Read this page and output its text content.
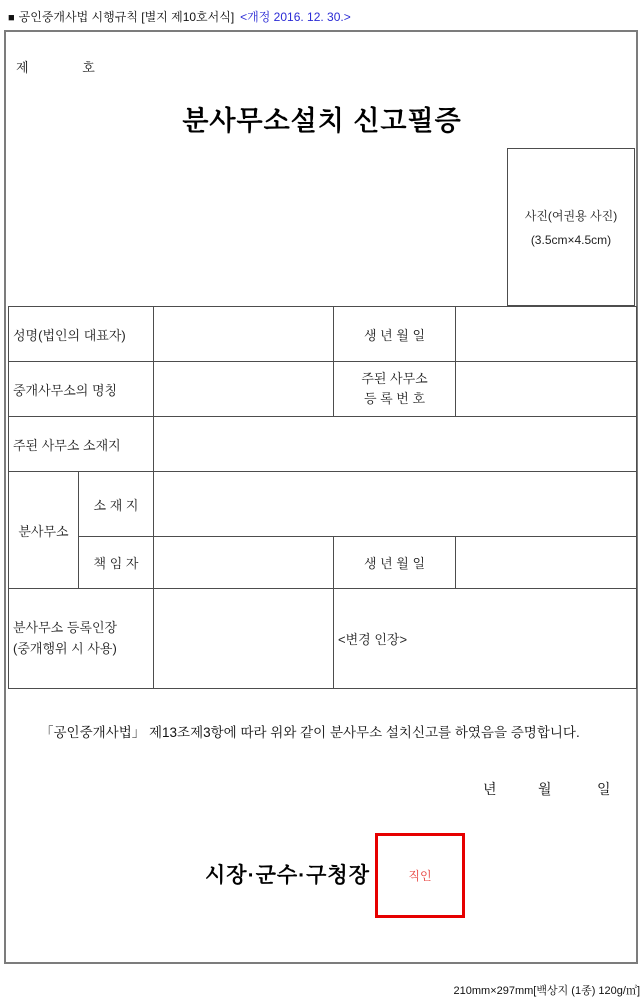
■ 공인중개사법 시행규칙 [별지 제10호서식] <개정 2016. 12. 30.>
제	호
분사무소설치 신고필증
사진(여권용 사진)
(3.5cm×4.5cm)
성명(법인의 대표자)			생 년 월 일	
중개사무소의 명칭			주된 사무소
등 록 번 호	

주된 사무소 소재지				
분사무소	소 재 지			
	책 임 자		생 년 월 일	

분사무소 등록인장
(중개행위 시 사용)			<변경 인장>	
「공인중개사법」 제13조제3항에 따라 위와 같이 분사무소 설치신고를 하였음을 증명합니다.
년	월	일
시장·군수·구청장	직인
210mm×297mm[백상지 (1종) 120g/㎡]
